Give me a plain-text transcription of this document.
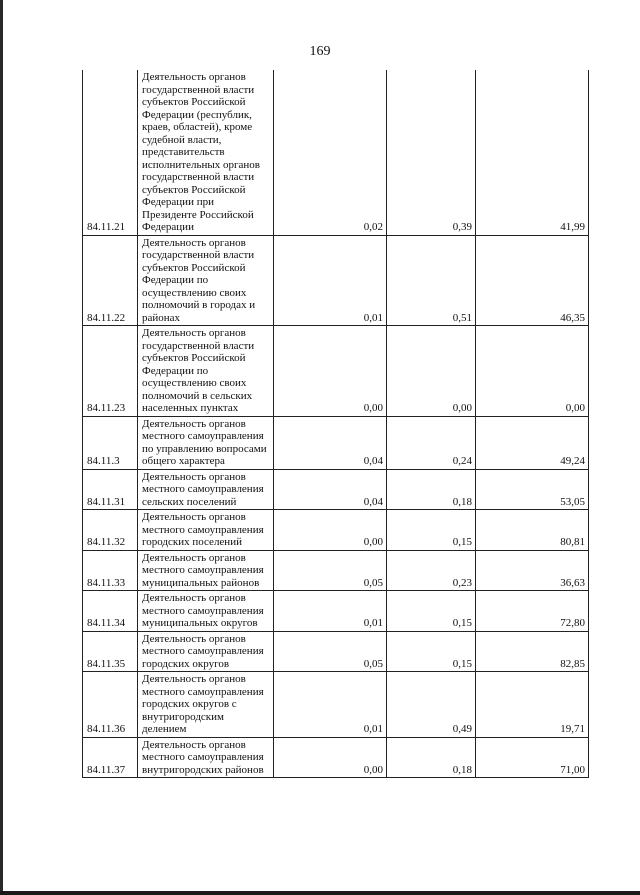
169
84.11.21	Деятельность органов государственной власти субъектов Российской Федерации (республик, краев, областей), кроме судебной власти, представительств исполнительных органов государственной власти субъектов Российской Федерации при Президенте Российской Федерации	0,02	0,39	41,99
84.11.22	Деятельность органов государственной власти субъектов Российской Федерации по осуществлению своих полномочий в городах и районах	0,01	0,51	46,35
84.11.23	Деятельность органов государственной власти субъектов Российской Федерации по осуществлению своих полномочий в сельских населенных пунктах	0,00	0,00	0,00
84.11.3	Деятельность органов местного самоуправления по управлению вопросами общего характера	0,04	0,24	49,24
84.11.31	Деятельность органов местного самоуправления сельских поселений	0,04	0,18	53,05
84.11.32	Деятельность органов местного самоуправления городских поселений	0,00	0,15	80,81
84.11.33	Деятельность органов местного самоуправления муниципальных районов	0,05	0,23	36,63
84.11.34	Деятельность органов местного самоуправления муниципальных округов	0,01	0,15	72,80
84.11.35	Деятельность органов местного самоуправления городских округов	0,05	0,15	82,85
84.11.36	Деятельность органов местного самоуправления городских округов с внутригородским делением	0,01	0,49	19,71
84.11.37	Деятельность органов местного самоуправления внутригородских районов	0,00	0,18	71,00
